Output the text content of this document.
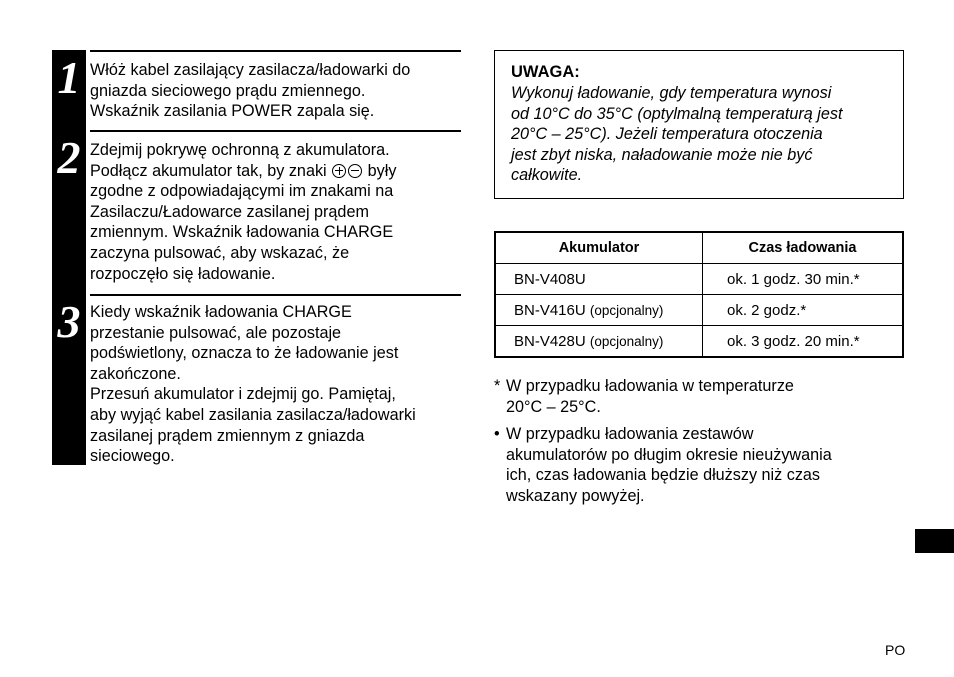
1 Włóż kabel zasilający zasilacza/ładowarki do

gniazda sieciowego prądu zmiennego.

Wskaźnik zasilania POWER zapala się.

2 Zdejmij pokrywę ochronną z akumulatora.

Podłącz akumulator tak, by znaki	były

zgodne z odpowiadającymi im znakami na

Zasilaczu/Ładowarce zasilanej prądem

zmiennym. Wskaźnik ładowania CHARGE

zaczyna pulsować, aby wskazać, że

rozpoczęło się ładowanie.

3 Kiedy wskaźnik ładowania CHARGE

przestanie pulsować, ale pozostaje

podświetlony, oznacza to że ładowanie jest

zakończone.

Przesuń akumulator i zdejmij go. Pamiętaj,

aby wyjąć kabel zasilania zasilacza/ładowarki

zasilanej prądem zmiennym z gniazda

sieciowego.

UWAGA:

Wykonuj ładowanie, gdy temperatura wynosi

od 10°C do 35°C (optylmalną temperaturą jest

20°C – 25°C). Jeżeli temperatura otoczenia

jest zbyt niska, naładowanie może nie być

całkowite.

Akumulator	Czas ładowania
BN-V408U	ok. 1 godz. 30 min.*
BN-V416U (opcjonalny)	ok. 2 godz.*
BN-V428U (opcjonalny)	ok. 3 godz. 20 min.*
* W przypadku ładowania w temperaturze
20°C – 25°C.
• W przypadku ładowania zestawów
akumulatorów po długim okresie nieużywania
ich, czas ładowania będzie dłuższy niż czas
wskazany powyżej.
PO
